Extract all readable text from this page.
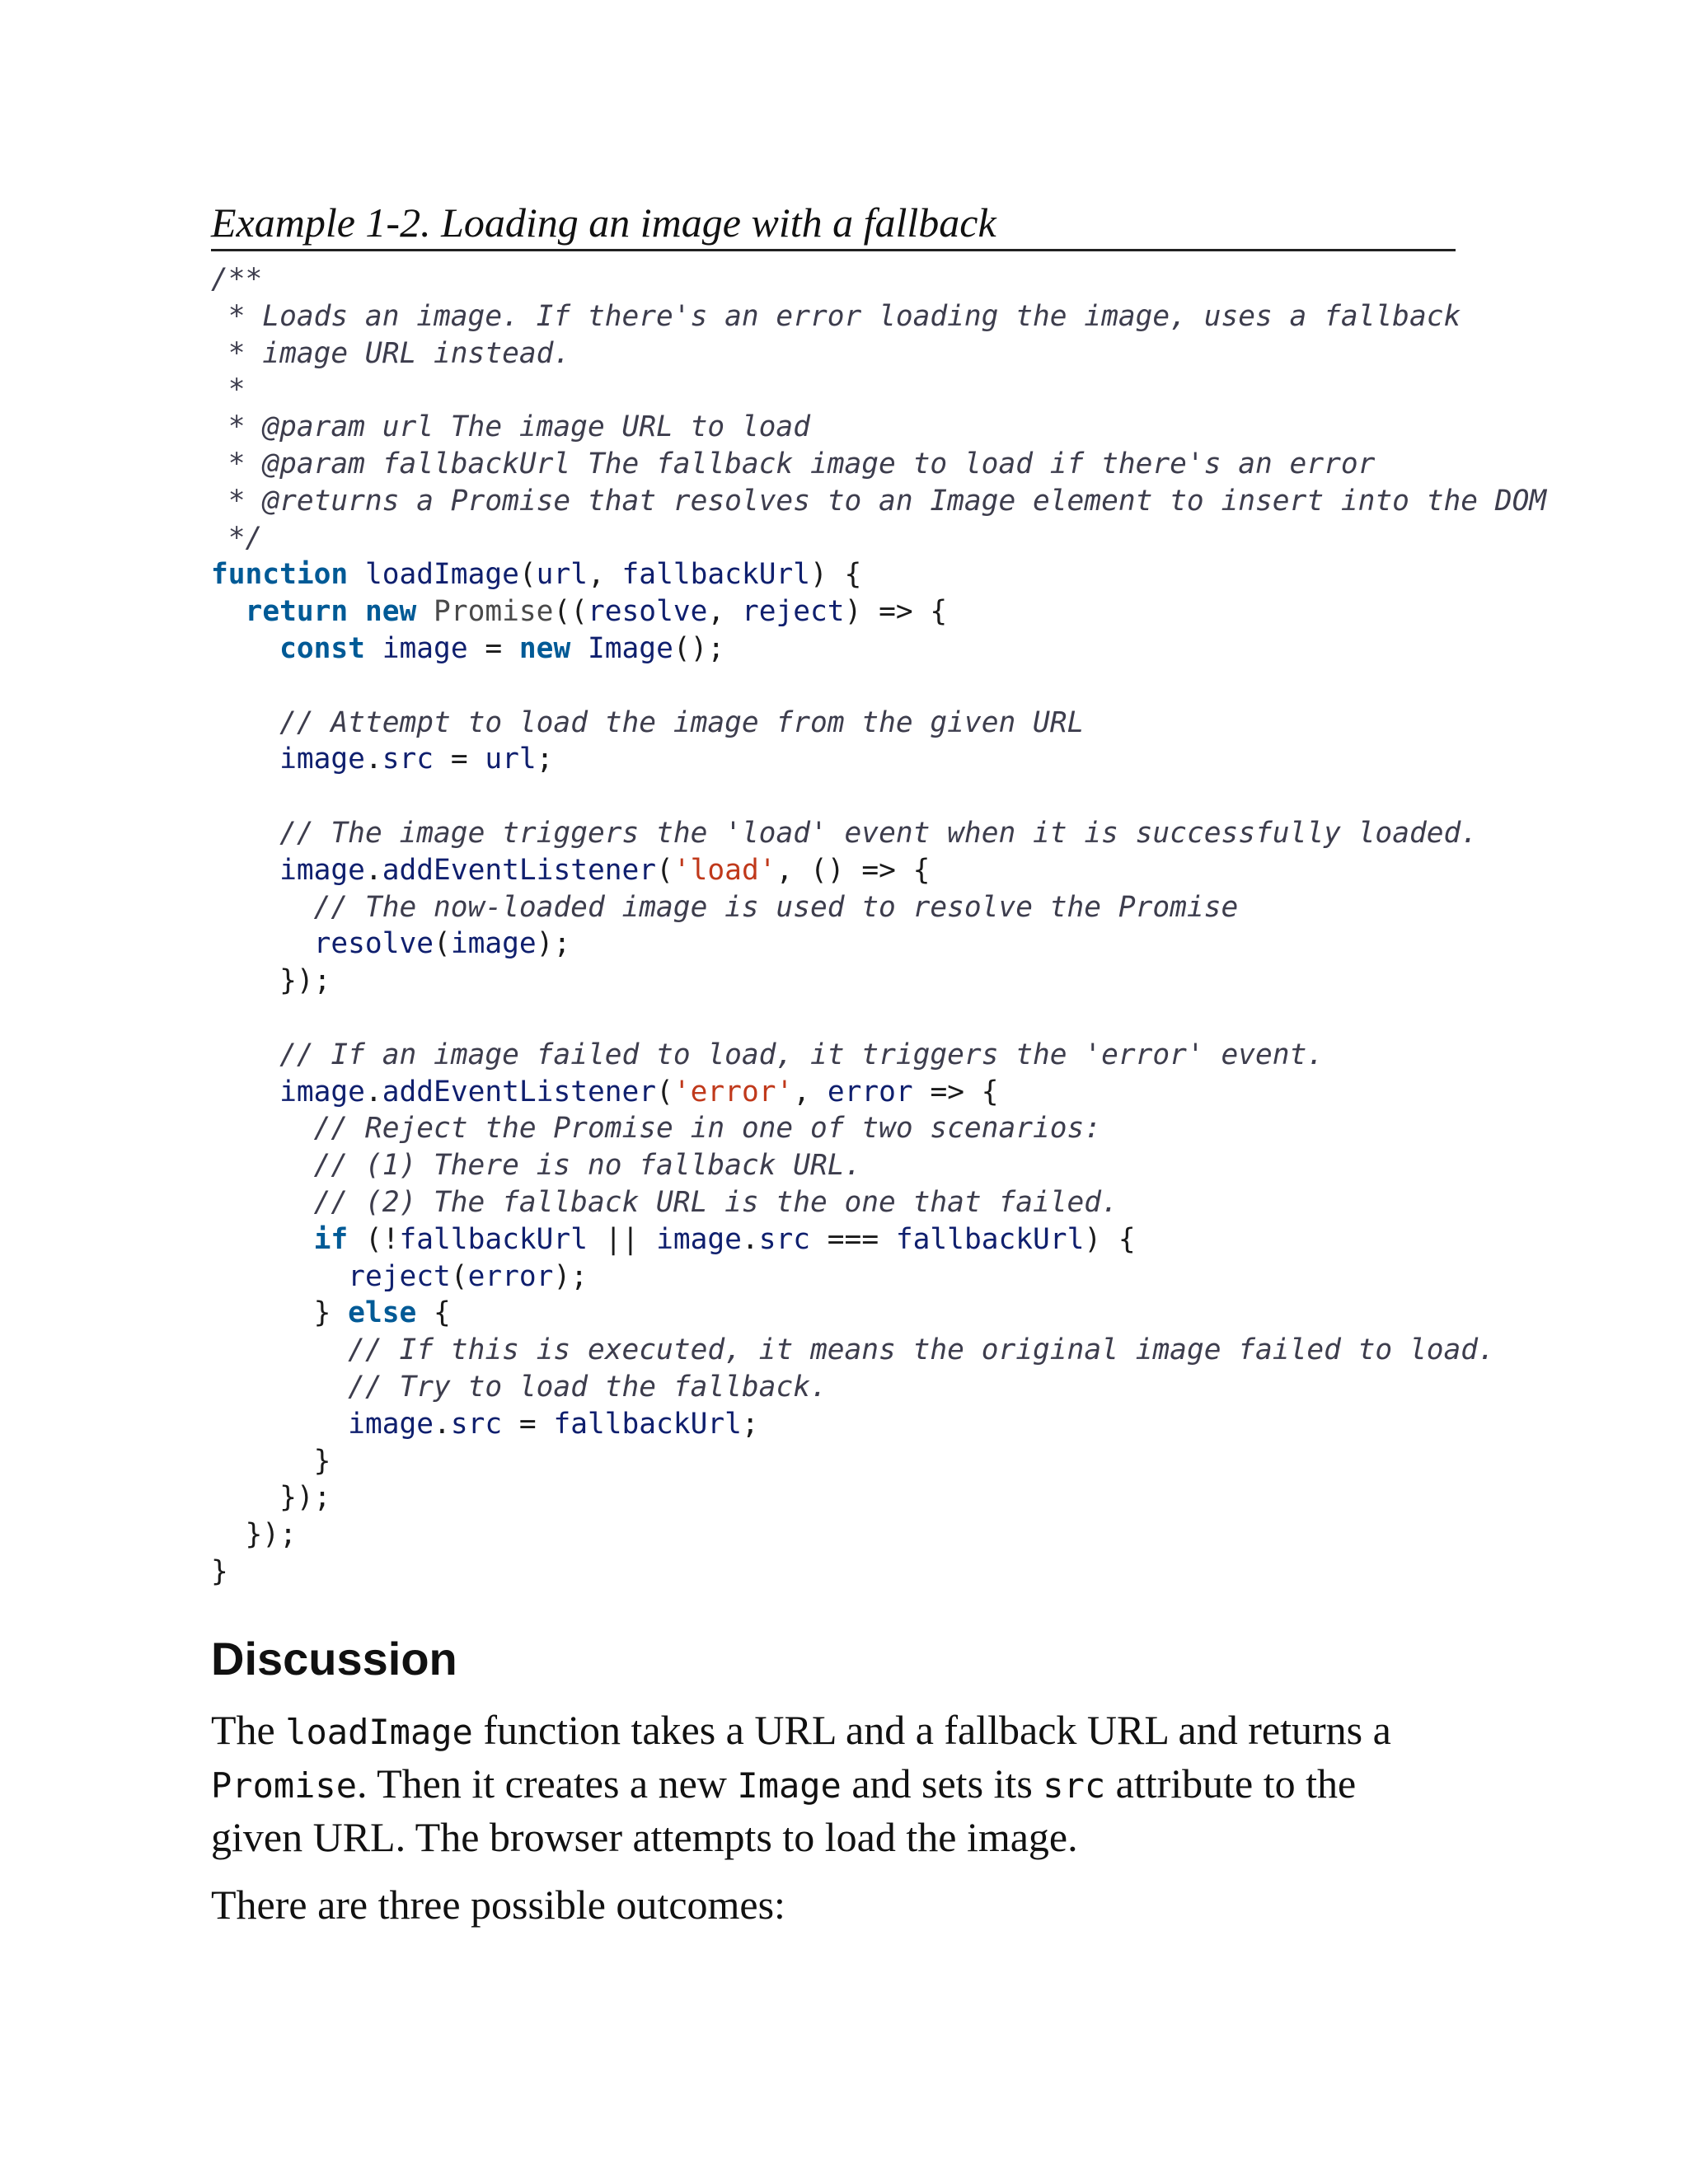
Example 1-2. Loading an image with a fallback
/**
* Loads an image. If there's an error loading the image, uses a fallback
* image URL instead.
*
* @param url The image URL to load
* @param fallbackUrl The fallback image to load if there's an error
* @returns a Promise that resolves to an Image element to insert into the DOM
*/
function loadImage(url, fallbackUrl) {
return new Promise((resolve, reject) => {
const image = new Image();
// Attempt to load the image from the given URL
image.src = url;
// The image triggers the 'load' event when it is successfully loaded.
image.addEventListener('load', () => {
// The now-loaded image is used to resolve the Promise
resolve(image);
});
// If an image failed to load, it triggers the 'error' event.
image.addEventListener('error', error => {
// Reject the Promise in one of two scenarios:
// (1) There is no fallback URL.
// (2) The fallback URL is the one that failed.
if (!fallbackUrl || image.src === fallbackUrl) {
reject(error);
} else {
// If this is executed, it means the original image failed to load.
// Try to load the fallback.
image.src = fallbackUrl;
}
});
});
}
Discussion

The loadImage function takes a URL and a fallback URL and returns a Promise. Then it creates a new Image and sets its src attribute to the given URL. The browser attempts to load the image.

There are three possible outcomes:
